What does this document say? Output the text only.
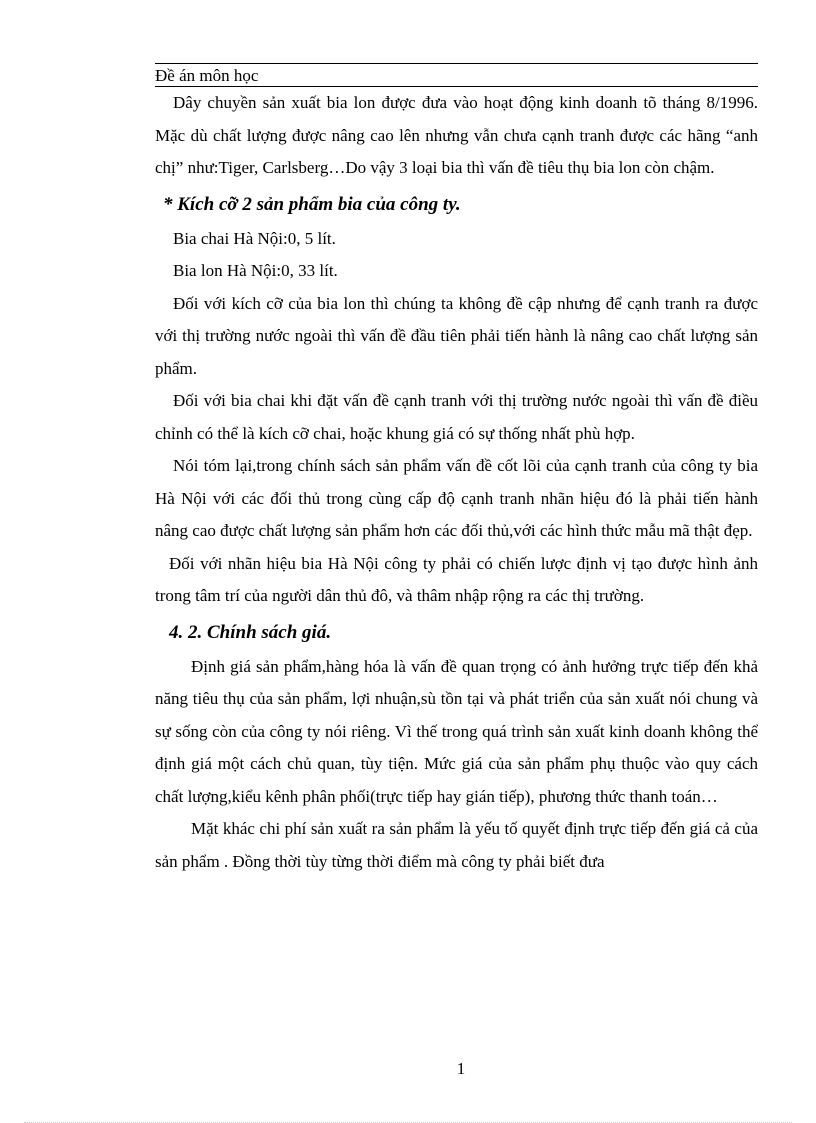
Đề án môn học

Dây chuyền sản xuất bia lon được đưa vào hoạt động kinh doanh tõ tháng 8/1996. Mặc dù chất lượng được nâng cao lên nhưng vẫn chưa cạnh tranh được các hãng “anh chị” như:Tiger, Carlsberg…Do vậy 3 loại bia thì vấn đề tiêu thụ bia lon còn chậm.

* Kích cỡ 2 sản phẩm bia của công ty.

Bia chai Hà Nội:0, 5 lít.

Bia lon Hà Nội:0, 33 lít.

Đối với kích cỡ của bia lon thì chúng ta không đề cập nhưng để cạnh tranh ra được với thị trường nước ngoài thì vấn đề đầu tiên phải tiến hành là nâng cao chất lượng sản phẩm.

Đối với bia chai khi đặt vấn đề cạnh tranh với thị trường nước ngoài thì vấn đề điều chỉnh có thể là kích cỡ chai, hoặc khung giá có sự thống nhất phù hợp.

Nói tóm lại,trong chính sách sản phẩm vấn đề cốt lõi của cạnh tranh của công ty bia Hà Nội với các đối thủ trong cùng cấp độ cạnh tranh nhãn hiệu đó là phải tiến hành nâng cao được chất lượng sản phẩm hơn các đối thủ,với các hình thức mẫu mã thật đẹp.

Đối với nhãn hiệu bia Hà Nội công ty phải có chiến lược định vị tạo được hình ảnh trong tâm trí của người dân thủ đô, và thâm nhập rộng ra các thị trường.

4. 2. Chính sách giá.

Định giá sản phẩm,hàng hóa là vấn đề quan trọng có ảnh hưởng trực tiếp đến khả năng tiêu thụ của sản phẩm, lợi nhuận,sù tồn tại và phát triển của sản xuất nói chung và sự sống còn của công ty nói riêng. Vì thế trong quá trình sản xuất kinh doanh không thể định giá một cách chủ quan, tùy tiện. Mức giá của sản phẩm phụ thuộc vào quy cách chất lượng,kiểu kênh phân phối(trực tiếp hay gián tiếp), phương thức thanh toán…

Mặt khác chi phí sản xuất ra sản phẩm là yếu tố quyết định trực tiếp đến giá cả của sản phẩm . Đồng thời tùy từng thời điểm mà công ty phải biết đưa

1
